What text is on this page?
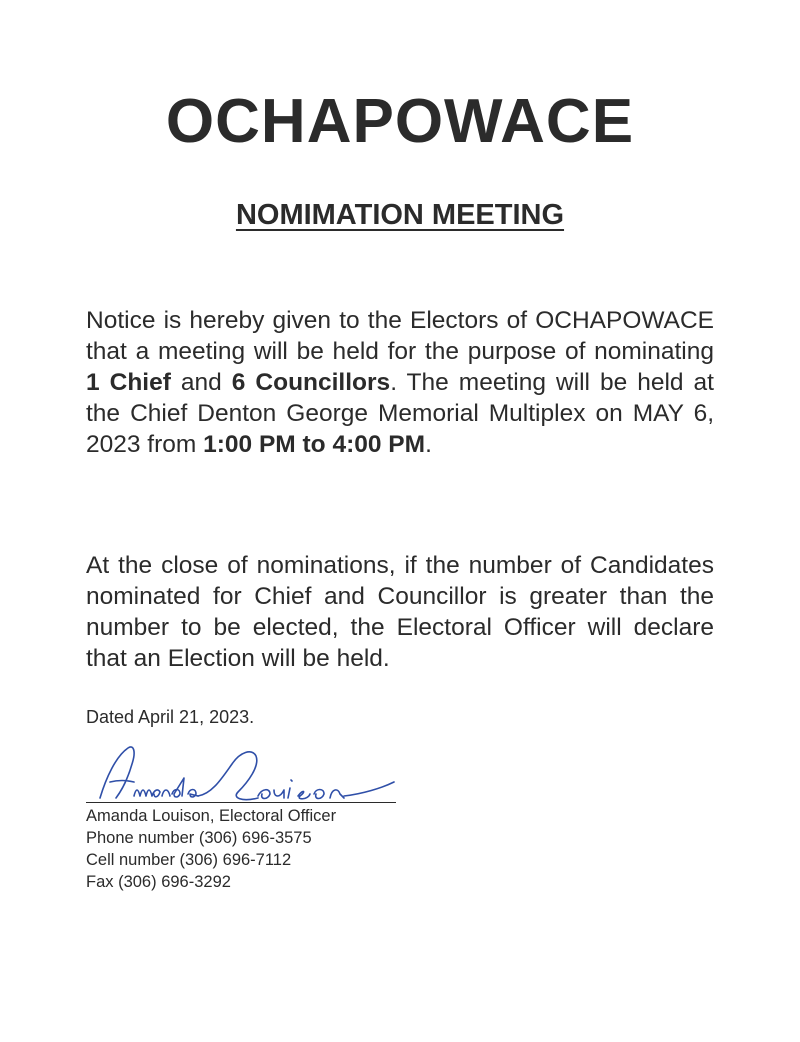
OCHAPOWACE
NOMIMATION MEETING

Notice is hereby given to the Electors of OCHAPOWACE that a meeting will be held for the purpose of nominating 1 Chief and 6 Councillors. The meeting will be held at the Chief Denton George Memorial Multiplex on MAY 6, 2023 from 1:00 PM to 4:00 PM.

At the close of nominations, if the number of Candidates nominated for Chief and Councillor is greater than the number to be elected, the Electoral Officer will declare that an Election will be held.

Dated April 21, 2023.

Amanda Louison, Electoral Officer
Phone number (306) 696-3575
Cell number (306) 696-7112
Fax (306) 696-3292
